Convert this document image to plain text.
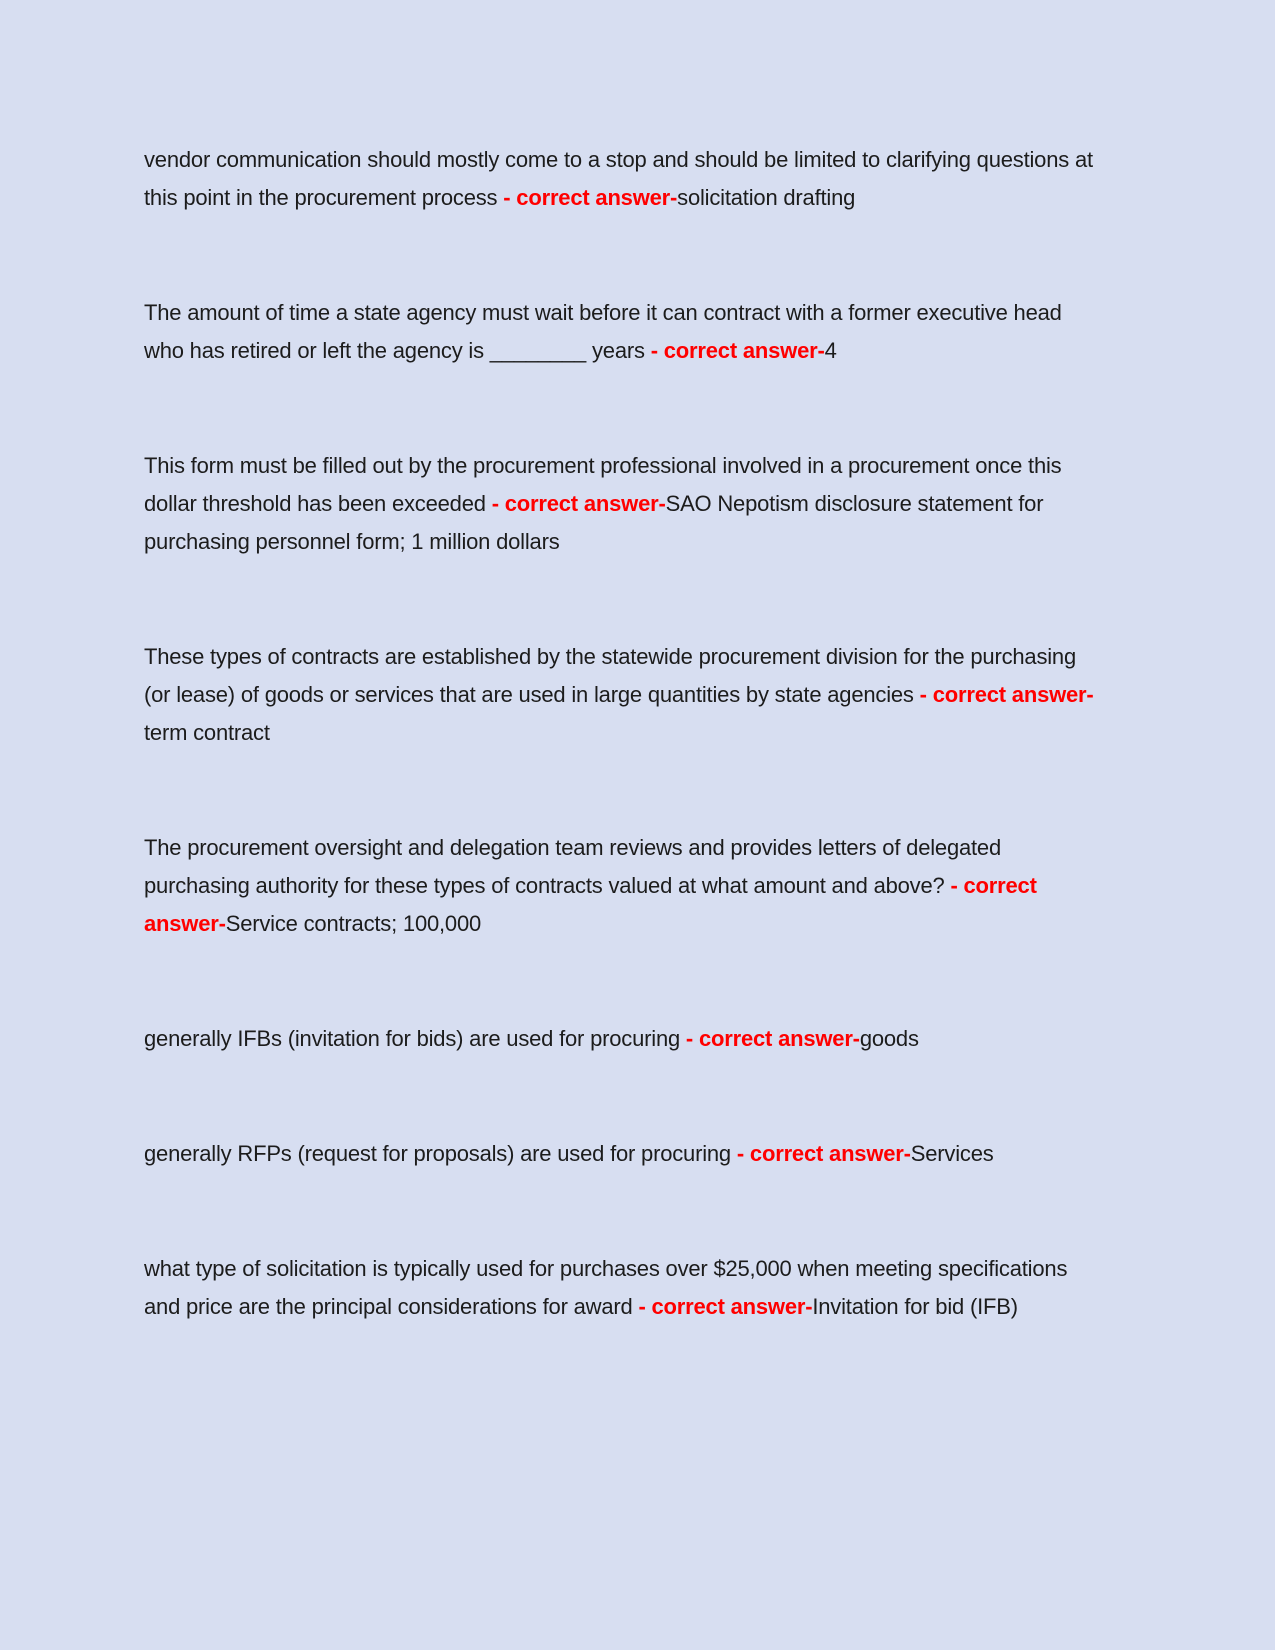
vendor communication should mostly come to a stop and should be limited to clarifying questions at this point in the procurement process - correct answer-solicitation drafting

The amount of time a state agency must wait before it can contract with a former executive head who has retired or left the agency is ________ years - correct answer-4

This form must be filled out by the procurement professional involved in a procurement once this dollar threshold has been exceeded - correct answer-SAO Nepotism disclosure statement for purchasing personnel form; 1 million dollars

These types of contracts are established by the statewide procurement division for the purchasing (or lease) of goods or services that are used in large quantities by state agencies - correct answer-term contract

The procurement oversight and delegation team reviews and provides letters of delegated purchasing authority for these types of contracts valued at what amount and above? - correct answer-Service contracts; 100,000

generally IFBs (invitation for bids) are used for procuring - correct answer-goods

generally RFPs (request for proposals) are used for procuring - correct answer-Services

what type of solicitation is typically used for purchases over $25,000 when meeting specifications and price are the principal considerations for award - correct answer-Invitation for bid (IFB)
